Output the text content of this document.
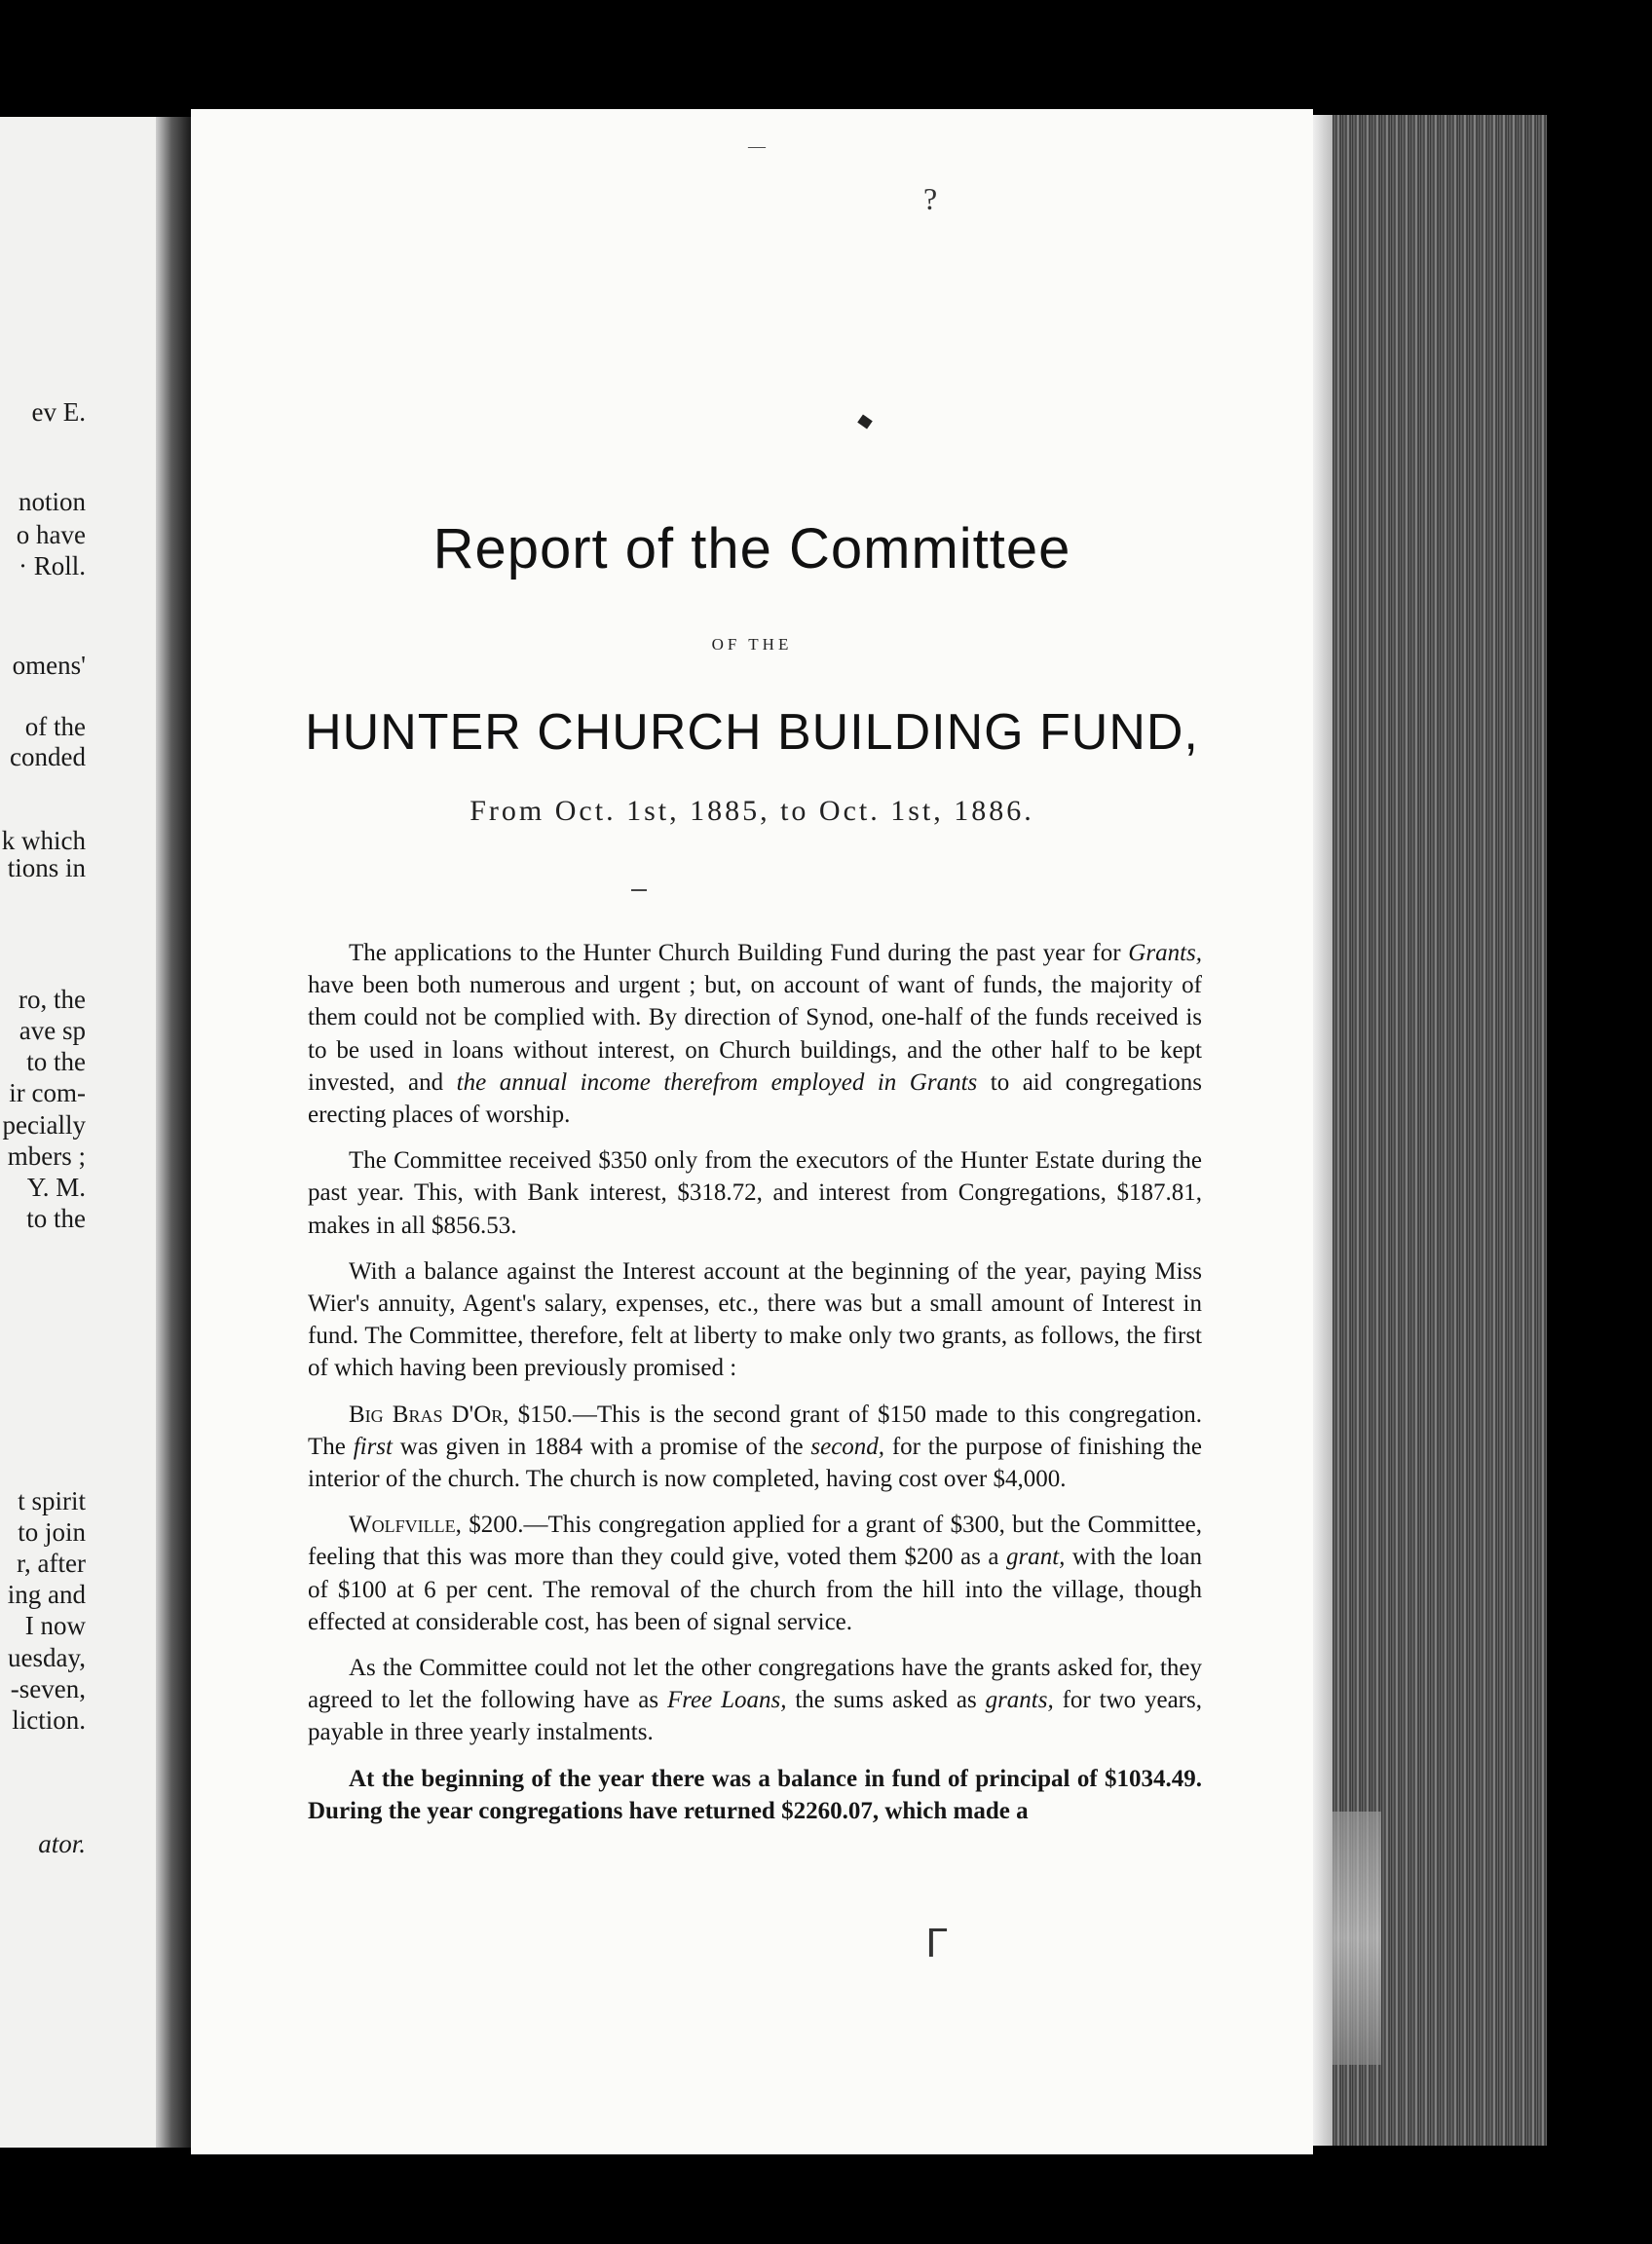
ev E.
notion
o have
· Roll.
omens'
of the
conded
k which
tions in
ro, the
ave sp
to the
ir com-
pecially
mbers ;
Y. M.
to the
t spirit
to join
r, after
ing and
I now
uesday,
-seven,
liction.
ator.
?
—
Report of the Committee
OF THE
HUNTER CHURCH BUILDING FUND,
From Oct. 1st, 1885, to Oct. 1st, 1886.

The applications to the Hunter Church Building Fund during the past year for Grants, have been both numerous and urgent ; but, on account of want of funds, the majority of them could not be complied with. By direction of Synod, one-half of the funds received is to be used in loans without interest, on Church buildings, and the other half to be kept invested, and the annual income therefrom employed in Grants to aid congregations erecting places of worship.

The Committee received $350 only from the executors of the Hunter Estate during the past year. This, with Bank interest, $318.72, and interest from Congregations, $187.81, makes in all $856.53.

With a balance against the Interest account at the beginning of the year, paying Miss Wier's annuity, Agent's salary, expenses, etc., there was but a small amount of Interest in fund. The Committee, therefore, felt at liberty to make only two grants, as follows, the first of which having been previously promised :

Big Bras D'Or, $150.—This is the second grant of $150 made to this congregation. The first was given in 1884 with a promise of the second, for the purpose of finishing the interior of the church. The church is now completed, having cost over $4,000.

Wolfville, $200.—This congregation applied for a grant of $300, but the Committee, feeling that this was more than they could give, voted them $200 as a grant, with the loan of $100 at 6 per cent. The removal of the church from the hill into the village, though effected at considerable cost, has been of signal service.

As the Committee could not let the other congregations have the grants asked for, they agreed to let the following have as Free Loans, the sums asked as grants, for two years, payable in three yearly instalments.

At the beginning of the year there was a balance in fund of principal of $1034.49. During the year congregations have returned $2260.07, which made a

ᒥ
